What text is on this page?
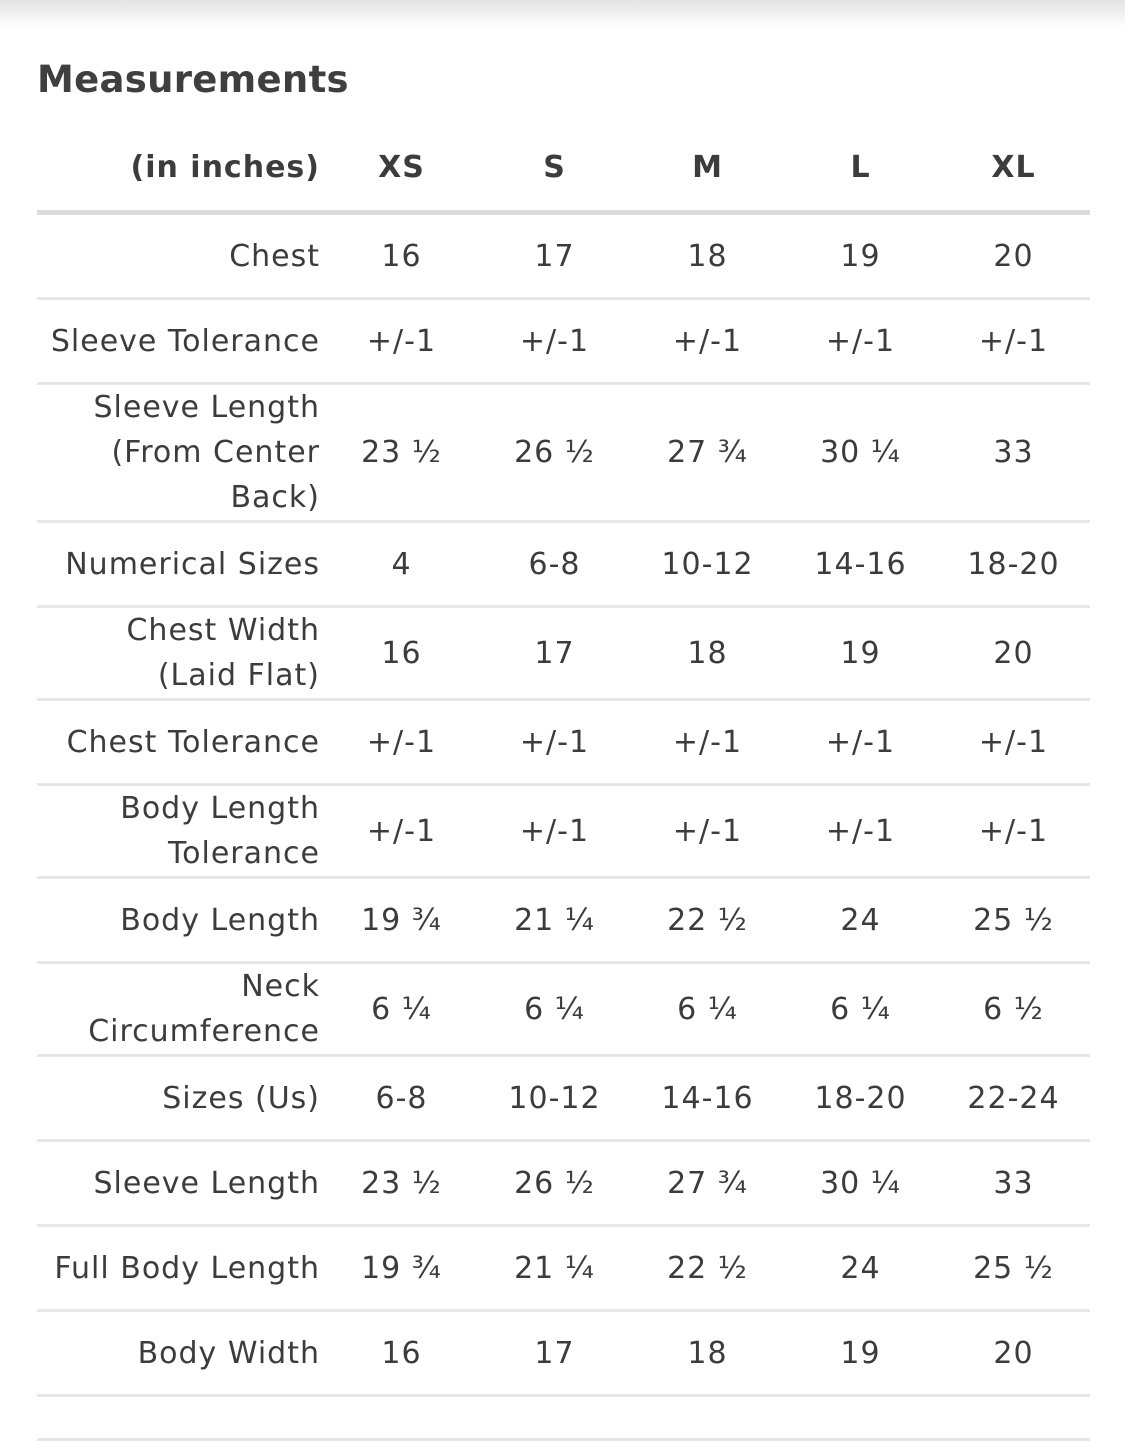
Measurements
(in inches)	XS	S	M	L	XL
Chest	16	17	18	19	20
Sleeve Tolerance	+/-1	+/-1	+/-1	+/-1	+/-1
Sleeve Length (From Center Back)	23 ½	26 ½	27 ¾	30 ¼	33
Numerical Sizes	4	6-8	10-12	14-16	18-20
Chest Width (Laid Flat)	16	17	18	19	20
Chest Tolerance	+/-1	+/-1	+/-1	+/-1	+/-1
Body Length Tolerance	+/-1	+/-1	+/-1	+/-1	+/-1
Body Length	19 ¾	21 ¼	22 ½	24	25 ½
Neck Circumference	6 ¼	6 ¼	6 ¼	6 ¼	6 ½
Sizes (Us)	6-8	10-12	14-16	18-20	22-24
Sleeve Length	23 ½	26 ½	27 ¾	30 ¼	33
Full Body Length	19 ¾	21 ¼	22 ½	24	25 ½
Body Width	16	17	18	19	20
